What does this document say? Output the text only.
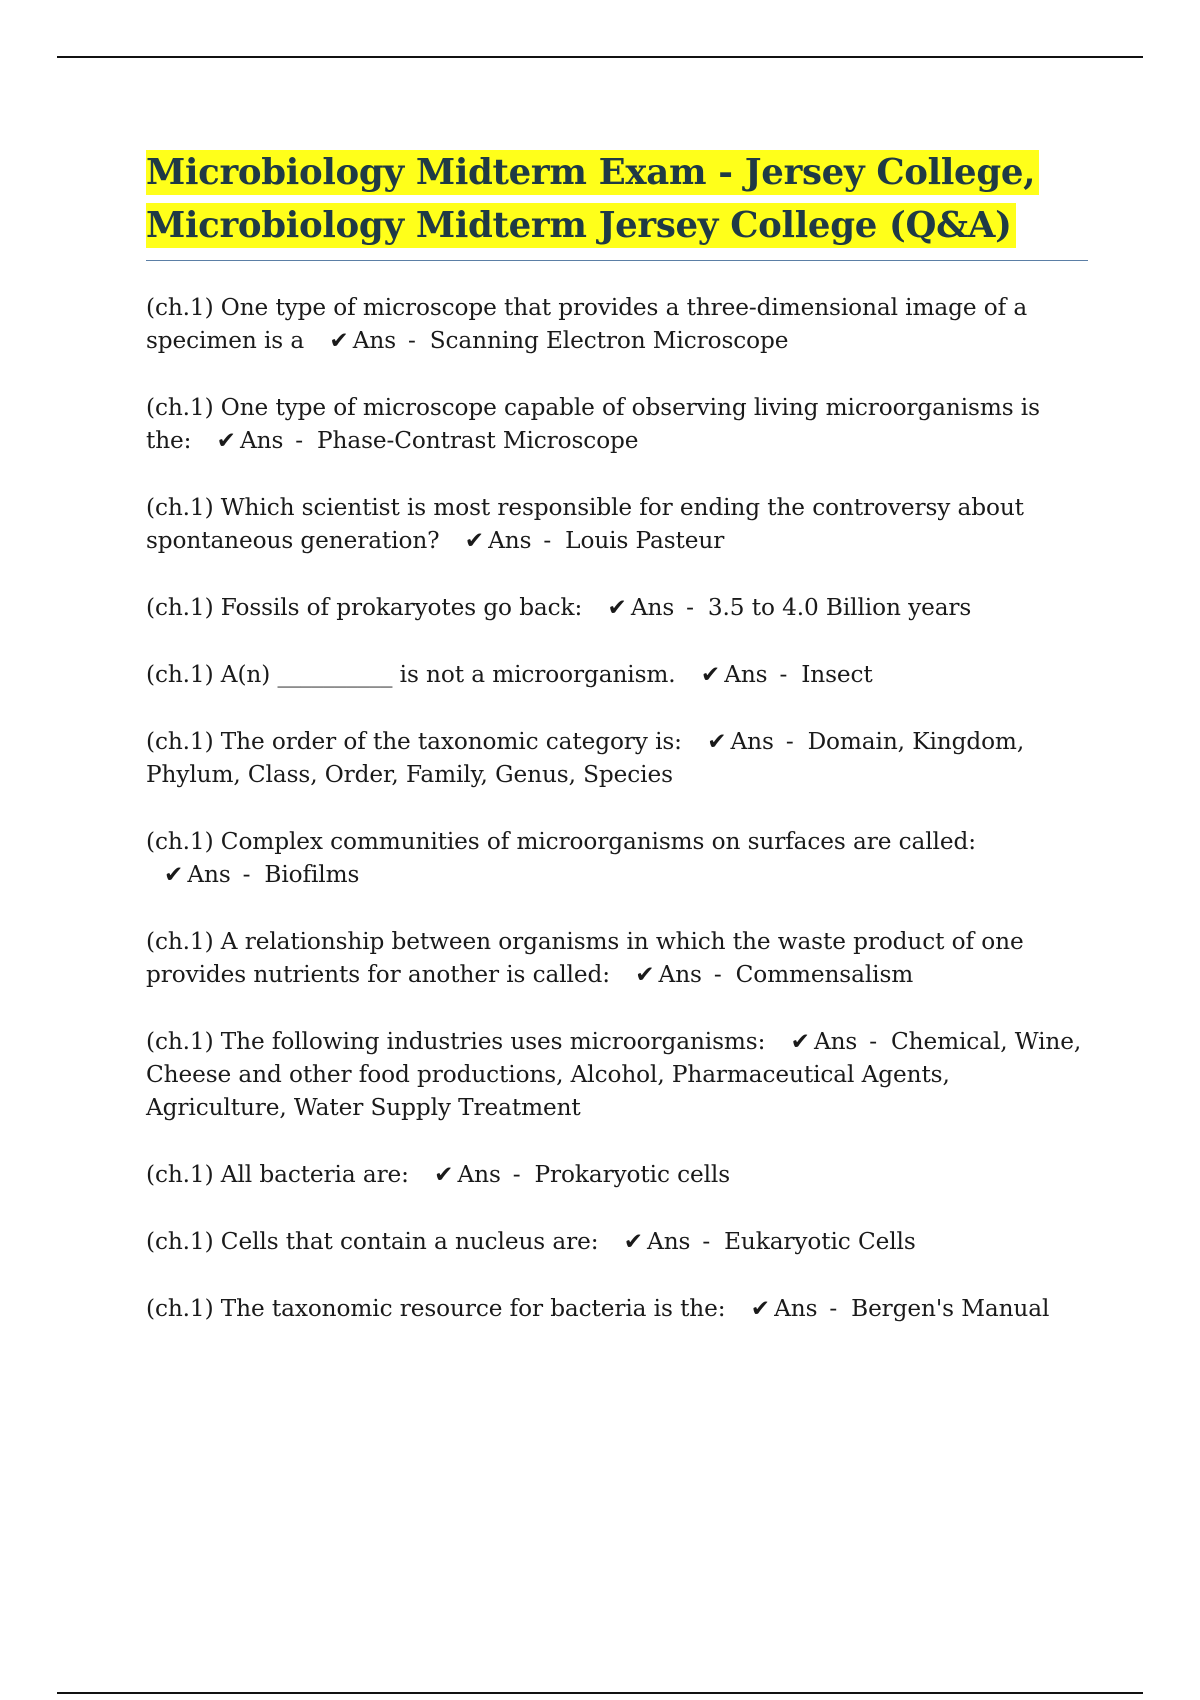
Microbiology Midterm Exam - Jersey College,
Microbiology Midterm Jersey College (Q&A)

(ch.1) One type of microscope that provides a three-dimensional image of a specimen is a ✔ Ans - Scanning Electron Microscope

(ch.1) One type of microscope capable of observing living microorganisms is the: ✔ Ans - Phase-Contrast Microscope

(ch.1) Which scientist is most responsible for ending the controversy about spontaneous generation? ✔ Ans - Louis Pasteur

(ch.1) Fossils of prokaryotes go back: ✔ Ans - 3.5 to 4.0 Billion years

(ch.1) A(n) __________ is not a microorganism. ✔ Ans - Insect

(ch.1) The order of the taxonomic category is: ✔ Ans - Domain, Kingdom, Phylum, Class, Order, Family, Genus, Species

(ch.1) Complex communities of microorganisms on surfaces are called: ✔ Ans - Biofilms

(ch.1) A relationship between organisms in which the waste product of one provides nutrients for another is called: ✔ Ans - Commensalism

(ch.1) The following industries uses microorganisms: ✔ Ans - Chemical, Wine, Cheese and other food productions, Alcohol, Pharmaceutical Agents, Agriculture, Water Supply Treatment

(ch.1) All bacteria are: ✔ Ans - Prokaryotic cells

(ch.1) Cells that contain a nucleus are: ✔ Ans - Eukaryotic Cells

(ch.1) The taxonomic resource for bacteria is the: ✔ Ans - Bergen's Manual
